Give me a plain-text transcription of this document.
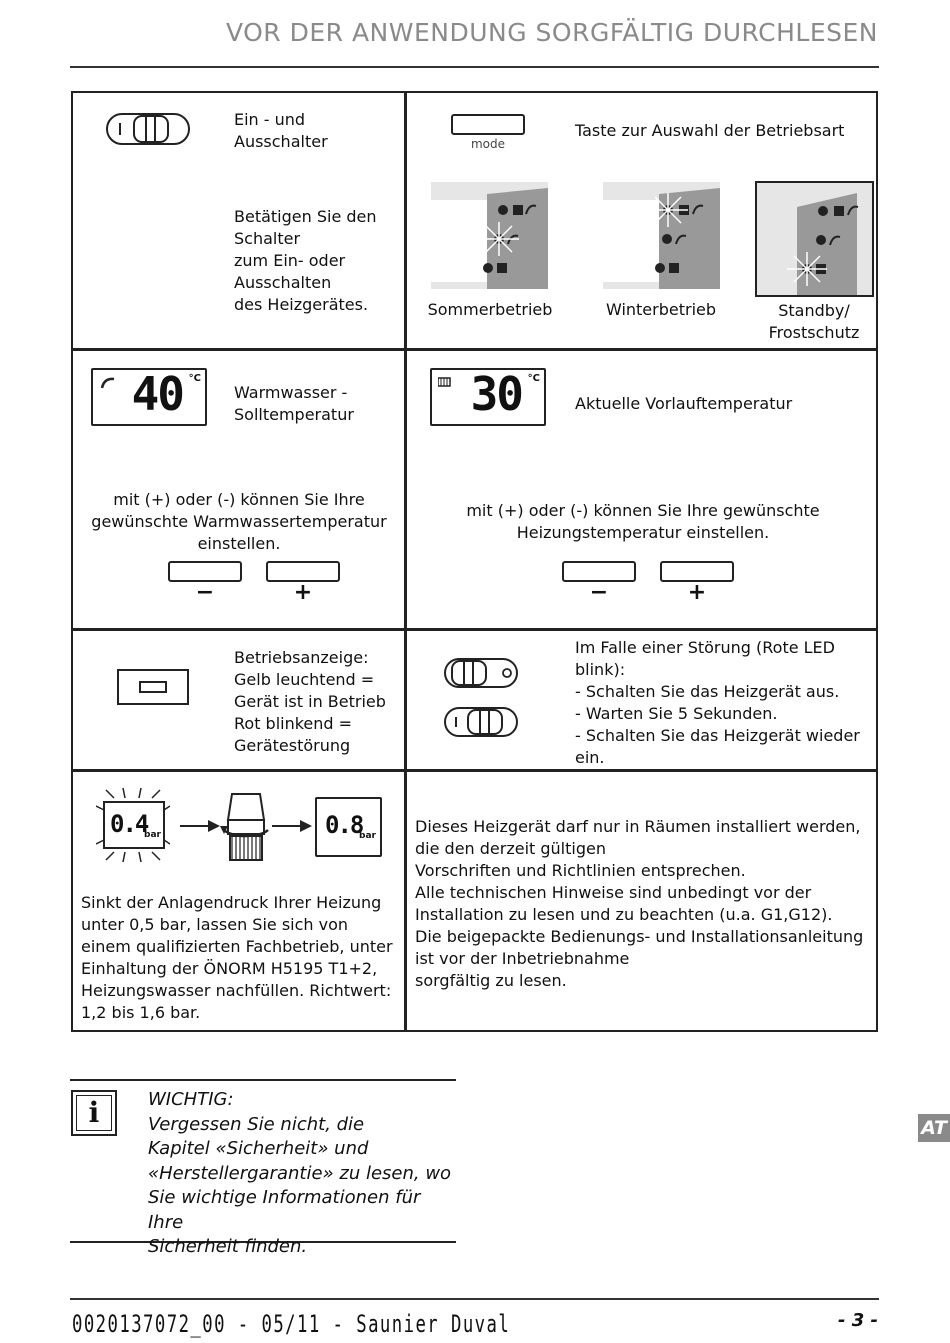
VOR DER ANWENDUNG SORGFÄLTIG DURCHLESEN
Ein - und
Ausschalter
Betätigen Sie den
Schalter
zum Ein- oder
Ausschalten
des Heizgerätes.
mode
Taste zur Auswahl der Betriebsart
Sommerbetrieb	Winterbetrieb	Standby/
Frostschutz
40 °C
Warmwasser -
Solltemperatur
mit (+) oder (-) können Sie Ihre
gewünschte Warmwassertemperatur
einstellen.
−	+
30 °C
Aktuelle Vorlauftemperatur
mit (+) oder (-) können Sie Ihre gewünschte
Heizungstemperatur einstellen.
−	+
Betriebsanzeige:
Gelb leuchtend =
Gerät ist in Betrieb
Rot blinkend =
Gerätestörung
Im Falle einer Störung (Rote LED
blink):
- Schalten Sie das Heizgerät aus.
- Warten Sie 5 Sekunden.
- Schalten Sie das Heizgerät wieder
ein.
0.4
bar	0.8
bar
Sinkt der Anlagendruck Ihrer Heizung
unter 0,5 bar, lassen Sie sich von
einem qualifizierten Fachbetrieb, unter
Einhaltung der ÖNORM H5195 T1+2,
Heizungswasser nachfüllen. Richtwert:
1,2 bis 1,6 bar.
Dieses Heizgerät darf nur in Räumen installiert werden,
die den derzeit gültigen
Vorschriften und Richtlinien entsprechen.
Alle technischen Hinweise sind unbedingt vor der
Installation zu lesen und zu beachten (u.a. G1,G12).
Die beigepackte Bedienungs- und Installationsanleitung
ist vor der Inbetriebnahme
sorgfältig zu lesen.
i	WICHTIG:
Vergessen Sie nicht, die
Kapitel «Sicherheit» und
«Herstellergarantie» zu lesen, wo
Sie wichtige Informationen für Ihre
Sicherheit finden.
AT
0020137072_00 - 05/11 - Saunier Duval	- 3 -
